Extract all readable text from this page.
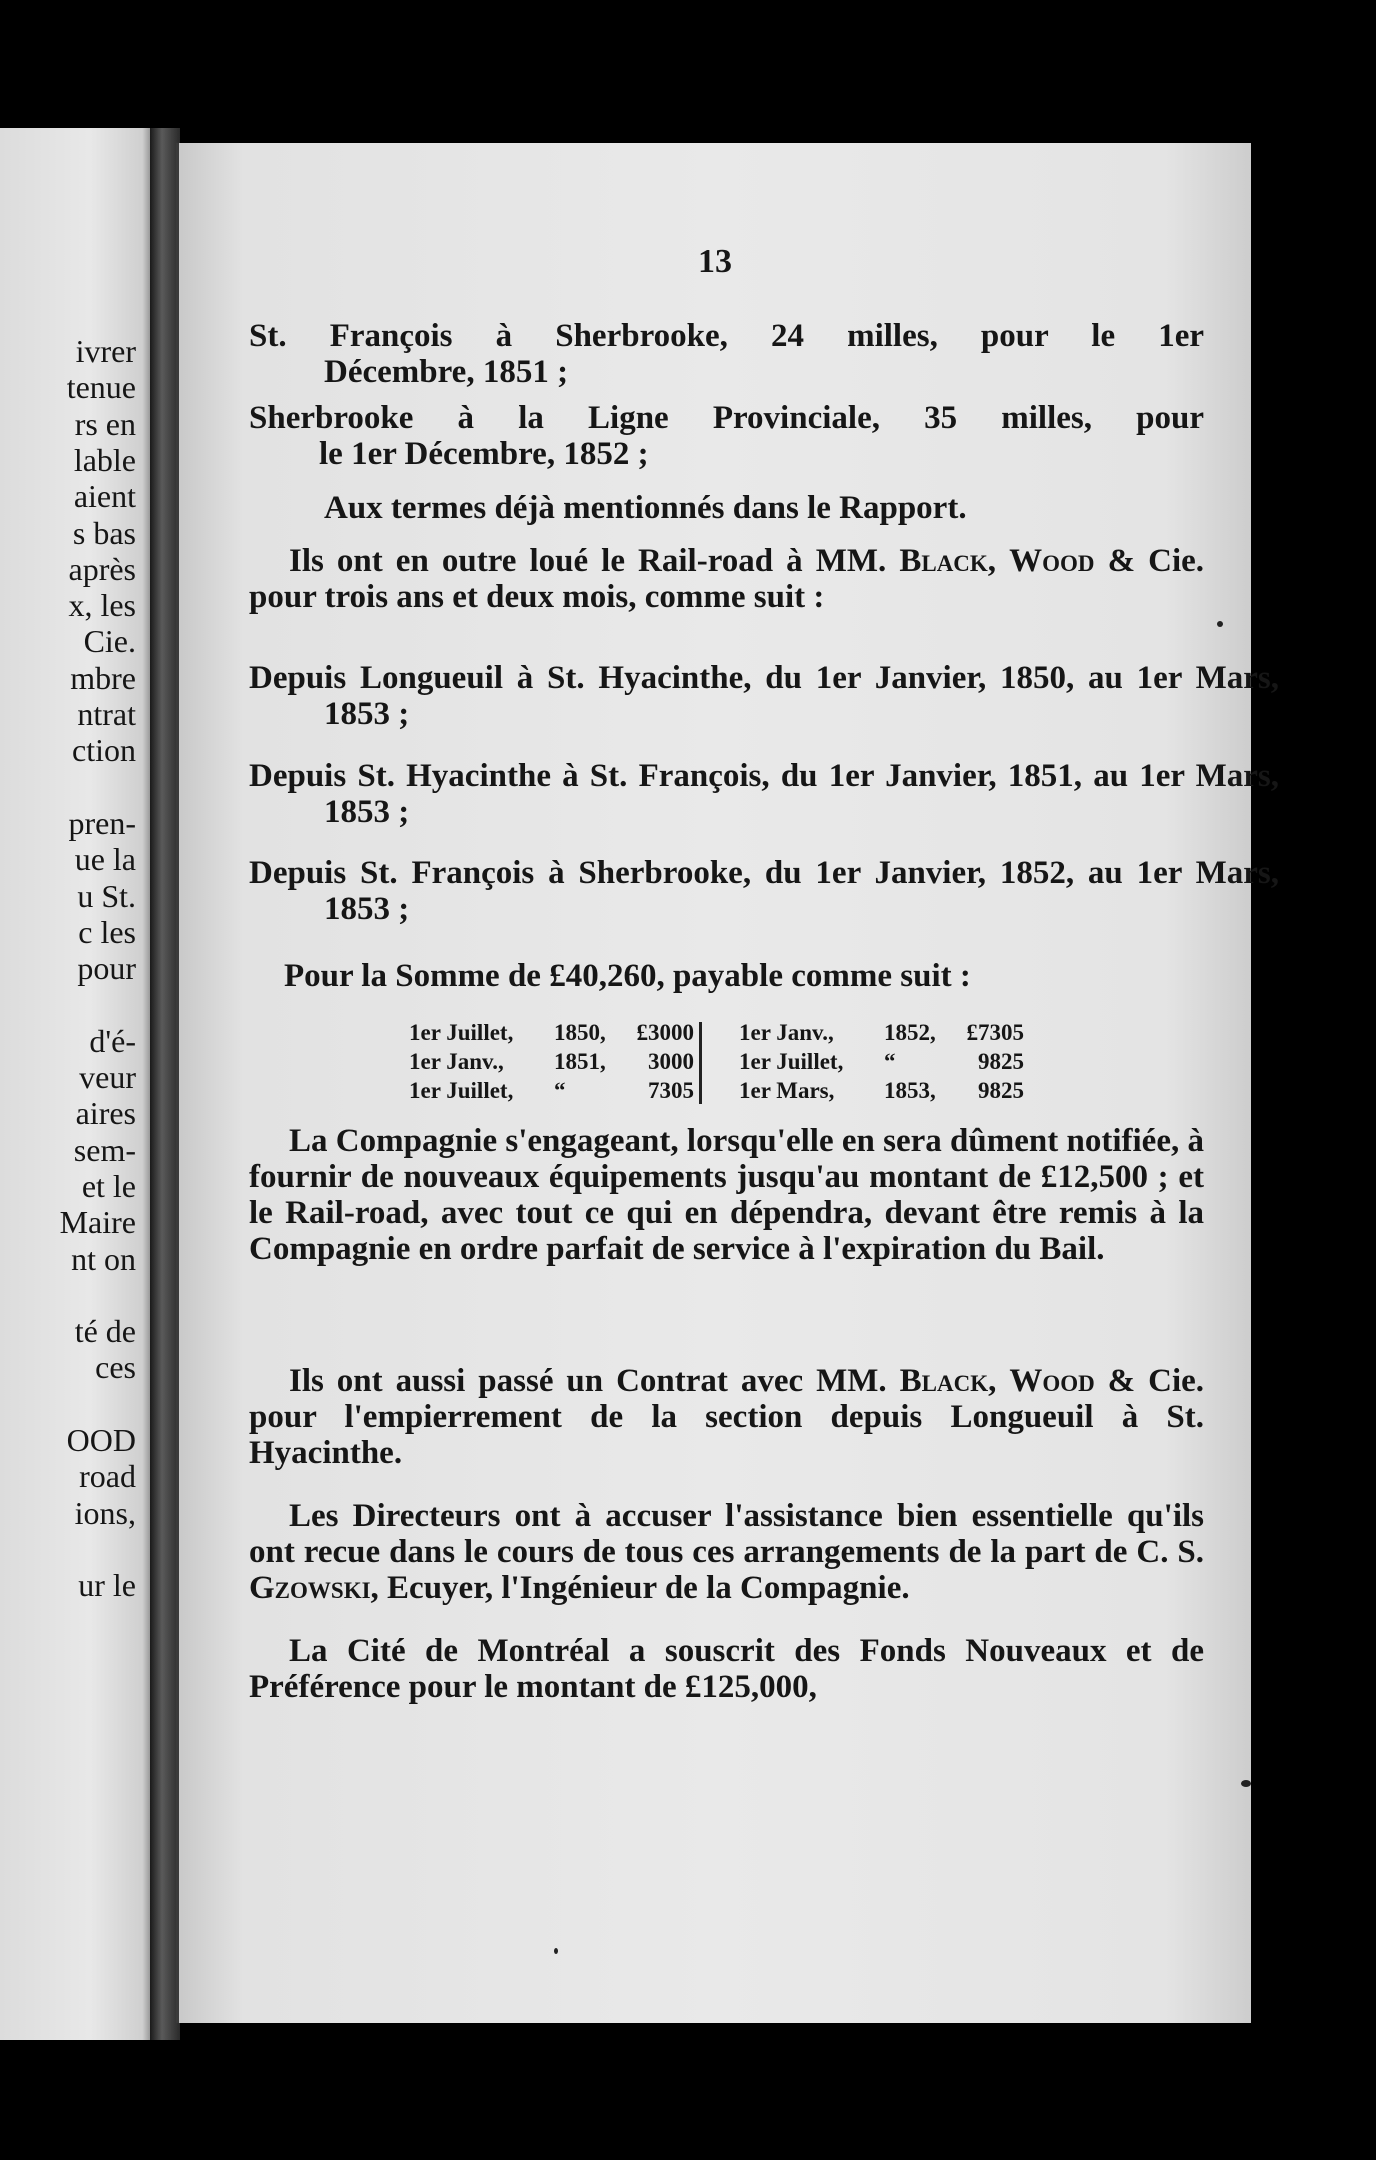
ivrer
tenue
rs en
lable
aient
s bas
après
x, les
Cie.
mbre
ntrat
ction
pren-
ue la
u St.
c les
pour
d'é-
veur
aires
sem-
et le
Maire
nt on
té de
ces
OOD
road
ions,
ur le
13
St. François à Sherbrooke, 24 milles, pour le 1er
Décembre, 1851 ;
Sherbrooke à la Ligne Provinciale, 35 milles, pour
le 1er Décembre, 1852 ;
Aux termes déjà mentionnés dans le Rapport.
Ils ont en outre loué le Rail-road à MM. Black, Wood & Cie. pour trois ans et deux mois, comme suit :
Depuis Longueuil à St. Hyacinthe, du 1er Janvier, 1850, au 1er Mars, 1853 ;
Depuis St. Hyacinthe à St. François, du 1er Janvier, 1851, au 1er Mars, 1853 ;
Depuis St. François à Sherbrooke, du 1er Janvier, 1852, au 1er Mars, 1853 ;
Pour la Somme de £40,260, payable comme suit :
1er Juillet, 1850, £3000
1er Janv., 1851, 3000
1er Juillet, “	7305
1er Janv., 1852, £7305
1er Juillet, “	9825
1er Mars, 1853, 9825
La Compagnie s'engageant, lorsqu'elle en sera dûment notifiée, à fournir de nouveaux équipements jusqu'au montant de £12,500 ; et le Rail-road, avec tout ce qui en dépendra, devant être remis à la Compagnie en ordre parfait de service à l'expiration du Bail.
Ils ont aussi passé un Contrat avec MM. Black, Wood & Cie. pour l'empierrement de la section depuis Longueuil à St. Hyacinthe.
Les Directeurs ont à accuser l'assistance bien essentielle qu'ils ont recue dans le cours de tous ces arrangements de la part de C. S. Gzowski, Ecuyer, l'Ingénieur de la Compagnie.
La Cité de Montréal a souscrit des Fonds Nouveaux et de Préférence pour le montant de £125,000,
